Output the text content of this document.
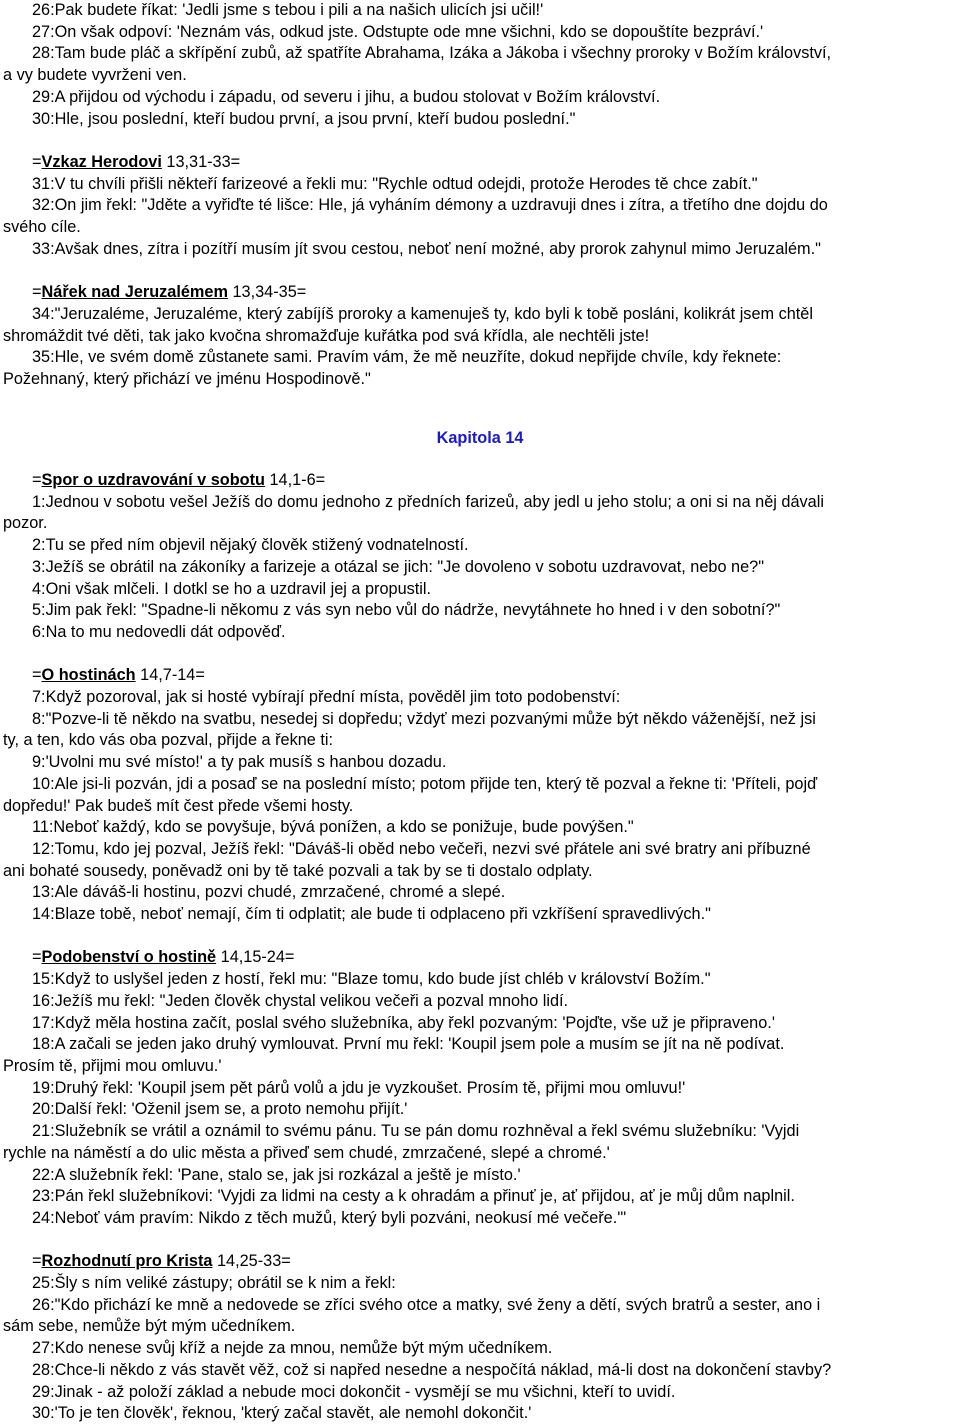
26:Pak budete říkat: 'Jedli jsme s tebou i pili a na našich ulicích jsi učil!'
27:On však odpoví: 'Neznám vás, odkud jste. Odstupte ode mne všichni, kdo se dopouštíte bezpráví.'
28:Tam bude pláč a skřípění zubů, až spatříte Abrahama, Izáka a Jákoba i všechny proroky v Božím království,
a vy budete vyvrženi ven.
29:A přijdou od východu i západu, od severu i jihu, a budou stolovat v Božím království.
30:Hle, jsou poslední, kteří budou první, a jsou první, kteří budou poslední."

=Vzkaz Herodovi 13,31-33=
31:V tu chvíli přišli někteří farizeové a řekli mu: "Rychle odtud odejdi, protože Herodes tě chce zabít."
32:On jim řekl: "Jděte a vyřiďte té lišce: Hle, já vyháním démony a uzdravuji dnes i zítra, a třetího dne dojdu do
svého cíle.
33:Avšak dnes, zítra i pozítří musím jít svou cestou, neboť není možné, aby prorok zahynul mimo Jeruzalém."

=Nářek nad Jeruzalémem 13,34-35=
34:"Jeruzaléme, Jeruzaléme, který zabíjíš proroky a kamenuješ ty, kdo byli k tobě posláni, kolikrát jsem chtěl
shromáždit tvé děti, tak jako kvočna shromažďuje kuřátka pod svá křídla, ale nechtěli jste!
35:Hle, ve svém domě zůstanete sami. Pravím vám, že mě neuzříte, dokud nepřijde chvíle, kdy řeknete:
Požehnaný, který přichází ve jménu Hospodinově."
Kapitola 14
=Spor o uzdravování v sobotu 14,1-6=
1:Jednou v sobotu vešel Ježíš do domu jednoho z předních farizeů, aby jedl u jeho stolu; a oni si na něj dávali
pozor.
2:Tu se před ním objevil nějaký člověk stižený vodnatelností.
3:Ježíš se obrátil na zákoníky a farizeje a otázal se jich: "Je dovoleno v sobotu uzdravovat, nebo ne?"
4:Oni však mlčeli. I dotkl se ho a uzdravil jej a propustil.
5:Jim pak řekl: "Spadne-li někomu z vás syn nebo vůl do nádrže, nevytáhnete ho hned i v den sobotní?"
6:Na to mu nedovedli dát odpověď.

=O hostinách 14,7-14=
7:Když pozoroval, jak si hosté vybírají přední místa, pověděl jim toto podobenství:
8:"Pozve-li tě někdo na svatbu, nesedej si dopředu; vždyť mezi pozvanými může být někdo váženější, než jsi
ty, a ten, kdo vás oba pozval, přijde a řekne ti:
9:'Uvolni mu své místo!' a ty pak musíš s hanbou dozadu.
10:Ale jsi-li pozván, jdi a posaď se na poslední místo; potom přijde ten, který tě pozval a řekne ti: 'Příteli, pojď
dopředu!' Pak budeš mít čest přede všemi hosty.
11:Neboť každý, kdo se povyšuje, bývá ponížen, a kdo se ponižuje, bude povýšen."
12:Tomu, kdo jej pozval, Ježíš řekl: "Dáváš-li oběd nebo večeři, nezvi své přátele ani své bratry ani příbuzné
ani bohaté sousedy, poněvadž oni by tě také pozvali a tak by se ti dostalo odplaty.
13:Ale dáváš-li hostinu, pozvi chudé, zmrzačené, chromé a slepé.
14:Blaze tobě, neboť nemají, čím ti odplatit; ale bude ti odplaceno při vzkříšení spravedlivých."

=Podobenství o hostině 14,15-24=
15:Když to uslyšel jeden z hostí, řekl mu: "Blaze tomu, kdo bude jíst chléb v království Božím."
16:Ježíš mu řekl: "Jeden člověk chystal velikou večeři a pozval mnoho lidí.
17:Když měla hostina začít, poslal svého služebníka, aby řekl pozvaným: 'Pojďte, vše už je připraveno.'
18:A začali se jeden jako druhý vymlouvat. První mu řekl: 'Koupil jsem pole a musím se jít na ně podívat.
Prosím tě, přijmi mou omluvu.'
19:Druhý řekl: 'Koupil jsem pět párů volů a jdu je vyzkoušet. Prosím tě, přijmi mou omluvu!'
20:Další řekl: 'Oženil jsem se, a proto nemohu přijít.'
21:Služebník se vrátil a oznámil to svému pánu. Tu se pán domu rozhněval a řekl svému služebníku: 'Vyjdi
rychle na náměstí a do ulic města a přiveď sem chudé, zmrzačené, slepé a chromé.'
22:A služebník řekl: 'Pane, stalo se, jak jsi rozkázal a ještě je místo.'
23:Pán řekl služebníkovi: 'Vyjdi za lidmi na cesty a k ohradám a přinuť je, ať přijdou, ať je můj dům naplnil.
24:Neboť vám pravím: Nikdo z těch mužů, který byli pozváni, neokusí mé večeře.'"

=Rozhodnutí pro Krista 14,25-33=
25:Šly s ním veliké zástupy; obrátil se k nim a řekl:
26:"Kdo přichází ke mně a nedovede se zříci svého otce a matky, své ženy a dětí, svých bratrů a sester, ano i
sám sebe, nemůže být mým učedníkem.
27:Kdo nenese svůj kříž a nejde za mnou, nemůže být mým učedníkem.
28:Chce-li někdo z vás stavět věž, což si napřed nesedne a nespočítá náklad, má-li dost na dokončení stavby?
29:Jinak - až položí základ a nebude moci dokončit - vysmějí se mu všichni, kteří to uvidí.
30:'To je ten člověk', řeknou, 'který začal stavět, ale nemohl dokončit.'
